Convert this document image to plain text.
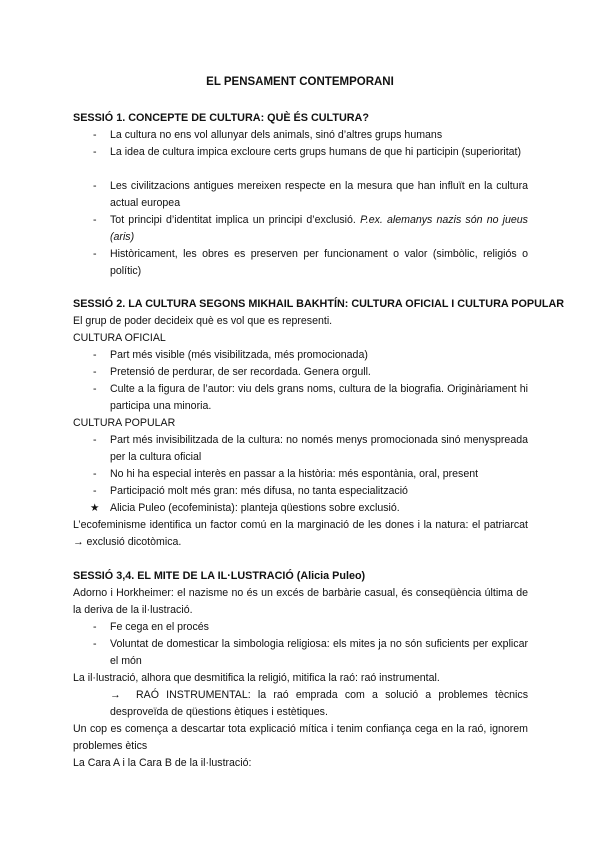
EL PENSAMENT CONTEMPORANI
SESSIÓ 1. CONCEPTE DE CULTURA: QUÈ ÉS CULTURA?
-	La cultura no ens vol allunyar dels animals, sinó d’altres grups humans
-	La idea de cultura impica excloure certs grups humans de que hi participin (superioritat)
-	Les civilitzacions antigues mereixen respecte en la mesura que han influït en la cultura actual europea
-	Tot principi d’identitat implica un principi d’exclusió. P.ex. alemanys nazis són no jueus (aris)
-	Històricament, les obres es preserven per funcionament o valor (simbòlic, religiós o polític)
SESSIÓ 2. LA CULTURA SEGONS MIKHAIL BAKHTÍN: CULTURA OFICIAL I CULTURA POPULAR
El grup de poder decideix què es vol que es representi.
CULTURA OFICIAL
-	Part més visible (més visibilitzada, més promocionada)
-	Pretensió de perdurar, de ser recordada. Genera orgull.
-	Culte a la figura de l’autor: viu dels grans noms, cultura de la biografia. Originàriament hi participa una minoria.
CULTURA POPULAR
-	Part més invisibilitzada de la cultura: no només menys promocionada sinó menyspreada per la cultura oficial
-	No hi ha especial interès en passar a la història: més espontània, oral, present
-	Participació molt més gran: més difusa, no tanta especialització
★ Alicia Puleo (ecofeminista): planteja qüestions sobre exclusió.
L’ecofeminisme identifica un factor comú en la marginació de les dones i la natura: el patriarcat → exclusió dicotòmica.
SESSIÓ 3,4. EL MITE DE LA IL·LUSTRACIÓ (Alicia Puleo)
Adorno i Horkheimer: el nazisme no és un excés de barbàrie casual, és conseqüència última de la deriva de la il·lustració.
-	Fe cega en el procés
-	Voluntat de domesticar la simbologia religiosa: els mites ja no són suficients per explicar el món
La il·lustració, alhora que desmitifica la religió, mitifica la raó: raó instrumental.
→ RAÓ INSTRUMENTAL: la raó emprada com a solució a problemes tècnics desproveïda de qüestions ètiques i estètiques.
Un cop es comença a descartar tota explicació mítica i tenim confiança cega en la raó, ignorem problemes ètics
La Cara A i la Cara B de la il·lustració:
